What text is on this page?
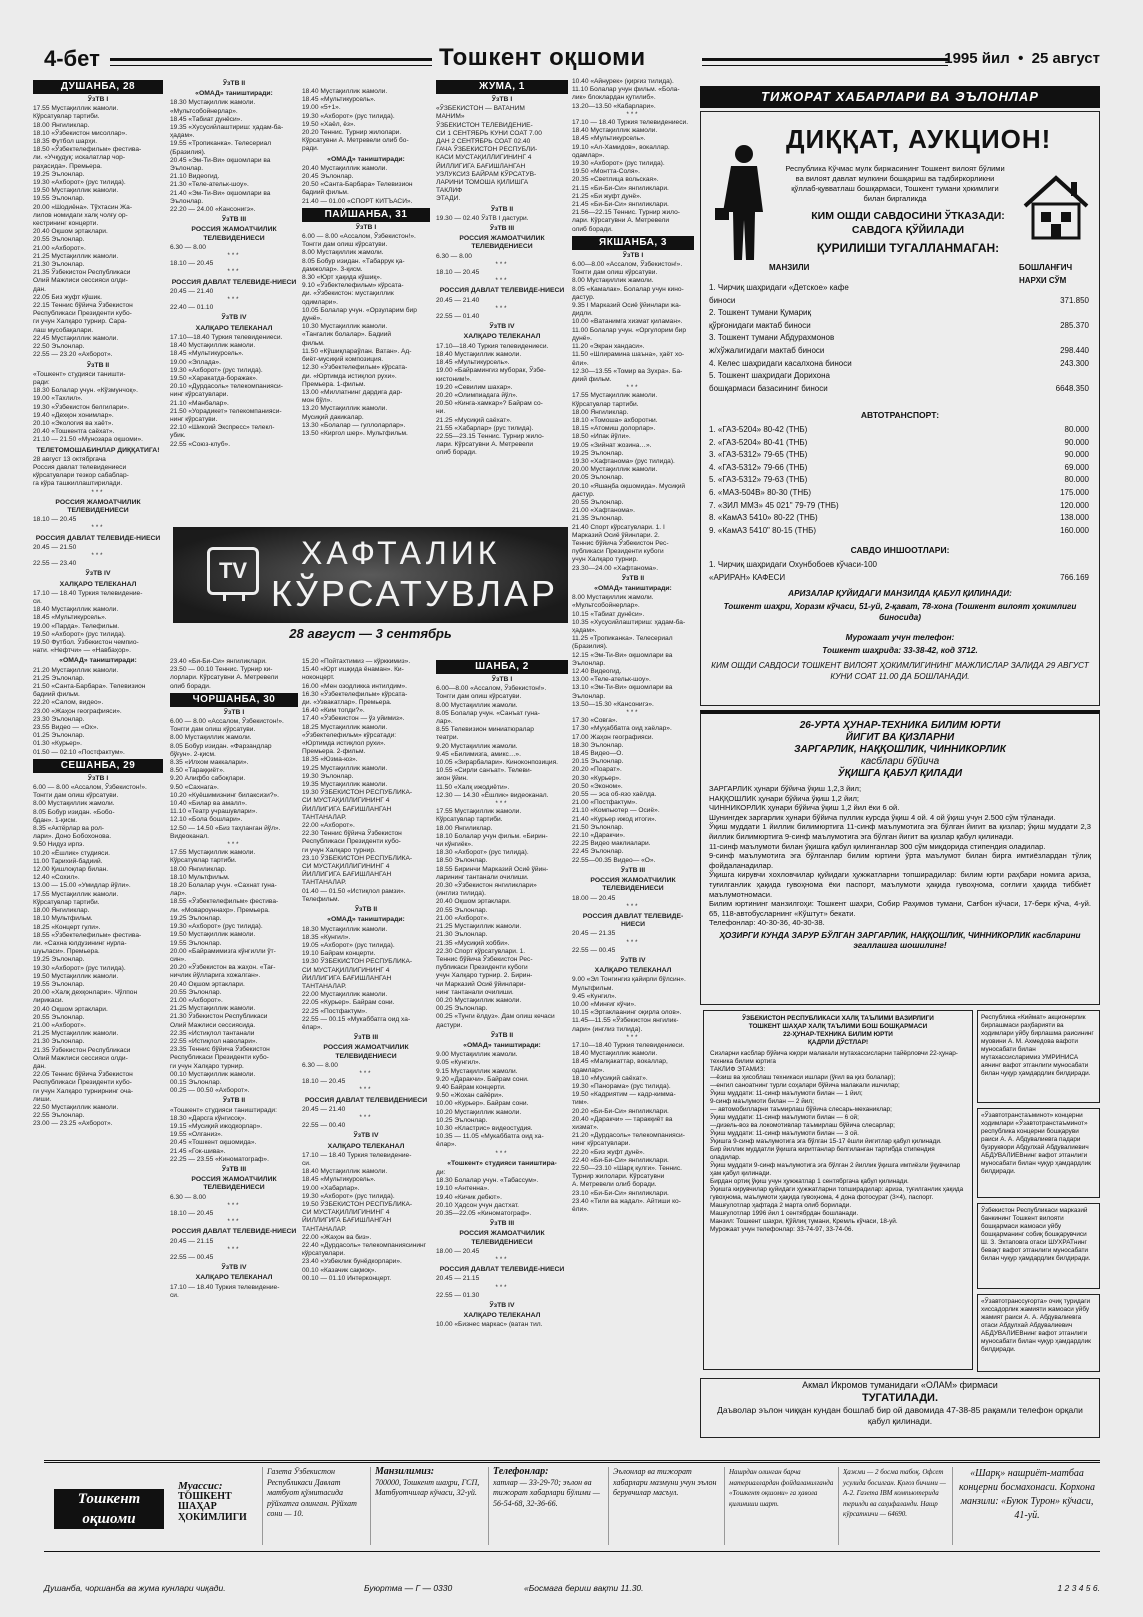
4-бет	Тошкент оқшоми	1995 йил  •  25 август
ДУШАНБА, 28
ЎзТВ I
17.55 Мустақиллик жамоли.
Кўрсатувлар тартиби.
18.00 Янгиликлар.
18.10 «Ўзбекистон мисоллар».
18.35 Футбол шарҳи.
18.50 «Ўзбектелефильм» фестива-
ли. «Учқудуқ: искалатлар чор-
раҳасида». Премьера.
19.25 Эълонлар.
19.30 «Ахборот» (рус тилида).
19.50 Мустақиллик жамоли.
19.55 Эълонлар.
20.00 «Шодиёна». Тўхтасин Жа-
лилов номидаги халқ чолғу ор-
кестрининг концерти.
20.40 Оқшом эртаклари.
20.55 Эълонлар.
21.00 «Ахборот».
21.25 Мустақиллик жамоли.
21.30 Эълонлар.
21.35 Ўзбекистон Республикаси
Олий Мажлиси сессияси олди-
дан.
22.05 Биз жуфт кўшик.
22.15 Теннис бўйича Ўзбекистон
Республикаси Президенти кубо-
ги учун Халқаро турнир. Сара-
лаш мусобақалари.
22.45 Мустақиллик жамоли.
22.50 Эълонлар.
22.55 — 23.20 «Ахборот».
ЎзТВ II
«Тошкент» студияси таништи-
ради:
18.30 Болалар учун. «Кўзмунчоқ».
19.00 «Тахлил».
19.30 «Ўзбекистон белгилари».
19.40 «Дехқон хонимлар».
20.10 «Экология ва хаёт».
20.40 «Тошкентга саёхат».
21.10 — 21.50 «Мунозара оқшоми».
ТЕЛЕТОМОШАБИНЛАР ДИҚҚАТИГА!
28 август 13 октябргача
Россия давлат телевидениеси
кўрсатувлари тезкор сабаблар-
га кўра ташкиллаштирилади.
***
РОССИЯ ЖАМОАТЧИЛИК ТЕЛЕВИДЕНИЕСИ
18.10 — 20.45
***
РОССИЯ ДАВЛАТ ТЕЛЕВИДЕ-НИЕСИ
20.45 — 21.50
***
22.55 — 23.40
ЎзТВ IV
ХАЛҚАРО ТЕЛЕКАНАЛ
17.10 — 18.40 Туркия телевидение-
си.
18.40 Мустақиллик жамоли.
18.45 «Мультикурсель».
19.00 «Парда». Телефильм.
19.50 «Ахборот» (рус тилида).
19.50 Футбол. Ўзбекистон чемпио-
нати. «Нефтчи» — «Навбаҳор».
«ОМАД» таништиради:
21.20 Мустақиллик жамоли.
21.25 Эълонлар.
21.50 «Санта-Барбара». Телевизион
бадиий фильм.
22.20 «Салом, видео».
23.00 «Жаҳон географияси».
23.30 Эълонлар.
23.55 Видео — «Ох».
01.25 Эълонлар.
01.30 «Курьер».
01.50 — 02.10 «Постфактум».
СЕШАНБА, 29
ЎзТВ I
6.00 — 8.00 «Ассалом, Ўзбекистон!».
Тонгги дам олиш кўрсатуви.
8.00 Мустақиллик жамоли.
8.05 Бобур изидан. «Бобо-
бдан». 1-қисм.
8.35 «Актёрлар ва рол-
лари». Доно Бобохонова.
9.50 Нидуз ирпэ.
10.20 «Ёшлик» студияси.
11.00 Тарихий-бадиий.
12.00 Қишлоқлар билан.
12.40 «Сохил».
13.00 — 15.00 «Умидлар йўли».
17.55 Мустақиллик жамоли.
Кўрсатувлар тартиби.
18.00 Янгиликлар.
18.10 Мультфильм.
18.25 «Концерт гули».
18.55 «Ўзбектелефильм» фестива-
ли. «Сахна юлдузининг нурла-
шуьласи». Премьера.
19.25 Эълонлар.
19.30 «Ахборот» (рус тилида).
19.50 Мустақиллик жамоли.
19.55 Эълонлар.
20.00 «Халқ дехқонлари». Чўлпон
лирикаси.
20.40 Оқшом эртаклари.
20.55 Эълонлар.
21.00 «Ахборот».
21.25 Мустақиллик жамоли.
21.30 Эълонлар.
21.35 Ўзбекистон Республикаси
Олий Мажлиси сессияси олди-
дан.
22.05 Теннис бўйича Ўзбекистон
Республикаси Президенти кубо-
ги учун Халқаро турнирнинг оча-
лиши.
22.50 Мустақиллик жамоли.
22.55 Эълонлар.
23.00 — 23.25 «Ахборот».
ЎзТВ II
«ОМАД» таништиради:
18.30 Мустақиллик жамоли.
«Мультсобойнерлар».
18.45 «Табиат дунёси».
19.35 «Хусусийлаштириш: ҳадам-ба-
ҳадам».
19.55 «Тропиканка». Телесериал
(Бразилия).
20.45 «Эм-Ти-Ви» оқшомлари ва
Эълонлар.
21.10 Видеогид.
21.30 «Теле-ательк-шоу».
21.40 «Эм-Ти-Ви» оқшомлари ва
Эълонлар.
22.20 — 24.00 «Кансонигэ».
ЎзТВ III
РОССИЯ ЖАМОАТЧИЛИК ТЕЛЕВИДЕНИЕСИ
6.30 — 8.00
***
18.10 — 20.45
***
РОССИЯ ДАВЛАТ ТЕЛЕВИДЕ-НИЕСИ
20.45 — 21.40
***
22.40 — 01.10
ЎзТВ IV
ХАЛҚАРО ТЕЛЕКАНАЛ
17.10—18.40 Туркия телевидениеси.
18.40 Мустақиллик жамоли.
18.45 «Мультикурсель».
19.00 «Эллада».
19.30 «Ахборот» (рус тилида).
19.50 «Харакатда-боражак».
20.10 «Дурдасоль» телекомпанияси-
нинг кўрсатувлари.
21.10 «Манбалар».
21.50 «Уорадикет» телекомпанияси-
нинг кўрсатуви.
22.10 «Шикоий Экспресс» телекл-
убик.
22.55 «Союз-клуб».
23.40 «Би-Би-Си» янгиликлари.
23.50 — 00.10 Теннис. Турнир ки-
лорлари. Кўрсатувни А. Метревели
олиб боради.
ЧОРШАНБА, 30
ЎзТВ I
6.00 — 8.00 «Ассалом, Ўзбекистон!».
Тонгги дам олиш кўрсатуви.
8.00 Мустақиллик жамоли.
8.05 Бобур изидан. «Фарзандлар
бўғун». 2-қисм.
8.35 «Илхом маккалари».
8.50 «Тараққиёт».
9.20 Алифбо сабоқлари.
9.50 «Сахнага».
10.20 «Куёшимизнинг билаксизи?».
10.40 «Билар ва амалл».
11.10 «Театр учрашувлари».
12.10 «Бола бошлари».
12.50 — 14.50 «Биз таҳланган йўл».
Видеоканал.
***
17.55 Мустақиллик жамоли.
Кўрсатувлар тартиби.
18.00 Янгиликлар.
18.10 Мультфильм.
18.20 Болалар учун. «Сахнат гуна-
лар».
18.55 «Ўзбектелефильм» фестива-
ли. «Мовароуннахр». Премьера.
19.25 Эълонлар.
19.30 «Ахборот» (рус тилида).
19.50 Мустақиллик жамоли.
19.55 Эълонлар.
20.00 «Байрамимизга кўнгилли ўт-
син».
20.20 «Ўзбекистон ва жаҳон. «Тағ-
ничлик йўлларига хожалган».
20.40 Оқшом эртаклари.
20.55 Эълонлар.
21.00 «Ахборот».
21.25 Мустақиллик жамоли.
21.30 Ўзбекистон Республикаси
Олий Мажлиси сессиясида.
22.35 «Истиқлол тантанали
22.55 «Истиқлол наволари».
23.35 Теннис бўйича Ўзбекистон
Республикаси Президенти кубо-
ги учун Халқаро турнир.
00.10 Мустақиллик жамоли.
00.15 Эълонлар.
00.25 — 00.50 «Ахборот».
ЎзТВ II
«Тошкент» студияси таништиради:
18.30 «Дарсга кўнгисоқ».
19.15 «Мусиқий ижодкорлар».
19.55 «Олганиз».
20.45 «Тошкент оқшомида».
21.45 «Гок-шива».
22.25 — 23.55 «Киноматограф».
ЎзТВ III
РОССИЯ ЖАМОАТЧИЛИК ТЕЛЕВИДЕНИЕСИ
6.30 — 8.00
***
18.10 — 20.45
***
РОССИЯ ДАВЛАТ ТЕЛЕВИДЕ-НИЕСИ
20.45 — 21.15
***
22.55 — 00.45
ЎзТВ IV
ХАЛҚАРО ТЕЛЕКАНАЛ
17.10 — 18.40 Туркия телевидение-
си.
18.40 Мустақиллик жамоли.
18.45 «Мультикурсель».
19.00 «5+1».
19.30 «Ахборот» (рус тилида).
19.50 «Хаёл, ёз».
20.20 Теннис. Турнир жилолари.
Кўрсатувни А. Метревели олиб бо-
ради.
«ОМАД» таништиради:
20.40 Мустақиллик жамоли.
20.45 Эълонлар.
20.50 «Санта-Барбара» Телевизион
бадиий фильм.
21.40 — 01.00 «СПОРТ КИТЪАСИ».
ПАЙШАНБА, 31
ЎзТВ I
6.00 — 8.00 «Ассалом, Ўзбекистон!».
Тонгги дам олиш кўрсатуви.
8.00 Мустақиллик жамоли.
8.05 Бобур изидан. «Табаррук қа-
дамжолар». 3-қисм.
8.30 «Юрт ҳақида кўшиқ».
9.10 «Ўзбектелефильм» кўрсата-
ди. «Ўзбекистон: мустақиллик
одимлари».
10.05 Болалар учун. «Орзуларим бир
дунё».
10.30 Мустақиллик жамоли.
«Тангалик болалар». Бадиий
фильм.
11.50 «Кўшиқлараўлан. Ватан». Ад-
биёт-мусиқий композиция.
12.30 «Ўзбектелефильм» кўрсата-
ди. «Юртимда истиқлол рухи».
Премьера. 1-фильм.
13.00 «Миллатнинг дардига дар-
мон бўл».
13.20 Мустақиллик жамоли.
Мусиқий дакикалар.
13.30 «Болалар — гуллоларлар».
13.50 «Киргол шер». Мультфильм.
15.20 «Пойтахтимиз — кўрккимиз».
15.40 «Юрт ишқида ёнаман». Ки-
ноконцерт.
16.00 «Мен озодликка интилдим».
16.30 «Ўзбектелефильм» кўрсата-
ди. «Узвакатлар». Премьера.
16.40 «Ким топди?».
17.40 «Ўзбекистон — ўз уйимиз».
18.25 Мустақиллик жамоли.
«Ўзбектелефильм» кўрсатади:
«Юртимда истиқлол рухи».
Премьера. 2-фильм.
18.35 «Юзма-юз».
19.25 Мустақиллик жамоли.
19.30 Эълонлар.
19.35 Мустақиллик жамоли.
19.30 ЎЗБЕКИСТОН РЕСПУБЛИКА-
СИ МУСТАҚИЛЛИГИНИНГ 4
ЙИЛЛИГИГА БАҒИШЛАНГАН
ТАНТАНАЛАР.
22.00 «Ахборот».
22.30 Теннис бўйича Ўзбекистон
Республикаси Президенти кубо-
ги учун Халқаро турнир.
23.10 ЎЗБЕКИСТОН РЕСПУБЛИКА-
СИ МУСТАҚИЛЛИГИНИНГ 4
ЙИЛЛИГИГА БАҒИШЛАНГАН
ТАНТАНАЛАР.
01.40 — 01.50 «Истиқлол рамзи».
Телефильм.
ЎзТВ II
«ОМАД» таништиради:
18.30 Мустақиллик жамоли.
18.35 «Кунгил».
19.05 «Ахборот» (рус тилида).
19.10 Байрам концерти.
19.30 ЎЗБЕКИСТОН РЕСПУБЛИКА-
СИ МУСТАҚИЛЛИГИНИНГ 4
ЙИЛЛИГИГА БАҒИШЛАНГАН
ТАНТАНАЛАР.
22.00 Мустақиллик жамоли.
22.05 «Курьер». Байрам сони.
22.25 «Постфактум».
22.55 — 00.15 «Мукаббатга оид ха-
ёлар».
ЎзТВ III
РОССИЯ ЖАМОАТЧИЛИК ТЕЛЕВИДЕНИЕСИ
6.30 — 8.00
***
18.10 — 20.45
***
РОССИЯ ДАВЛАТ ТЕЛЕВИДЕНИЕСИ
20.45 — 21.40
***
22.55 — 00.40
ЎзТВ IV
ХАЛҚАРО ТЕЛЕКАНАЛ
17.10 — 18.40 Туркия телевидение-
си.
18.40 Мустақиллик жамоли.
18.45 «Мультикурсель».
19.00 «Хабарлар».
19.30 «Ахборот» (рус тилида).
19.50 ЎЗБЕКИСТОН РЕСПУБЛИКА-
СИ МУСТАҚИЛЛИГИНИНГ 4
ЙИЛЛИГИГА БАҒИШЛАНГАН
ТАНТАНАЛАР.
22.00 «Жаҳон ва биз».
22.40 «Дурдасоль» телекомпаниясининг
кўрсатувлари.
23.40 «Узбеклик бунёдкорлари».
00.10 «Казачик сақмоқ».
00.10 — 01.10 Интерконцерт.
ЖУМА, 1
ЎзТВ I
«ЎЗБЕКИСТОН — ВАТАНИМ
МАНИМ»
ЎЗБЕКИСТОН ТЕЛЕВИДЕНИЕ-
СИ 1 СЕНТЯБРЬ КУНИ СОАТ 7.00
ДАН 2 СЕНТЯБРЬ СОАТ 02.40
ГАЧА ЎЗБЕКИСТОН РЕСПУБЛИ-
КАСИ МУСТАҚИЛЛИГИНИНГ 4
ЙИЛЛИГИГА БАҒИШЛАНГАН
УЗЛУКСИЗ БАЙРАМ КЎРСАТУВ-
ЛАРИНИ ТОМОША ҚИЛИШГА
ТАКЛИФ
ЭТАДИ.
ЎзТВ II
19.30 — 02.40 ЎзТВ I дастури.
ЎзТВ III
РОССИЯ ЖАМОАТЧИЛИК ТЕЛЕВИДЕНИЕСИ
6.30 — 8.00
***
18.10 — 20.45
***
РОССИЯ ДАВЛАТ ТЕЛЕВИДЕ-НИЕСИ
20.45 — 21.40
***
22.55 — 01.40
ЎзТВ IV
ХАЛҚАРО ТЕЛЕКАНАЛ
17.10—18.40 Туркия телевидениеси.
18.40 Мустақиллик жамоли.
18.45 «Мультикурсель».
19.00 «Байрамингиз муборак, Ўзбе-
кистоним!».
19.20 «Севилим шахар».
20.20 «Олимпиадага йўл».
20.50 «Кинга-хамкар»? Байрам со-
ни.
21.25 «Мусиқий саёхат».
21.55 «Хабарлар» (рус тилида).
22.55—23.15 Теннис. Турнир жило-
лари. Кўрсатувни А. Метревели
олиб боради.
ШАНБА, 2
ЎзТВ I
6.00—8.00 «Ассалом, Ўзбекистон!».
Тонгги дам олиш кўрсатуви.
8.00 Мустақиллик жамоли.
8.05 Болалар учун. «Санъат гуна-
лар».
8.55 Телевизион миниатюралар
театри.
9.20 Мустақиллик жамоли.
9.45 «Билимизга, амикс…».
10.05 «Зирарбалари». Киноконпозиция.
10.55 «Сирли санъат». Телеви-
зион ўйин.
11.50 «Халқ ижодиёти».
12.30 — 14.30 «Ёшлик» видеоканал.
***
17.55 Мустақиллик жамоли.
Кўрсатувлар тартиби.
18.00 Янгиликлар.
18.10 Болалар учун фильм. «Бирин-
чи кўнгиёк».
18.30 «Ахборот» (рус тилида).
18.50 Эълонлар.
18.55 Биринчи Марказий Осиё ўйин-
ларининг тантанали очилиши.
20.30 «Ўзбекистон янгиликлари»
(инглиз тилида).
20.40 Оқшом эртаклари.
20.55 Эълонлар.
21.00 «Ахборот».
21.25 Мустақиллик жамоли.
21.30 Эълонлар.
21.35 «Мусиқий хобби».
22.30 Спорт кўрсатувлари. 1.
Теннис бўйича Ўзбекистон Рес-
публикаси Президенти кубоги
учун Халқаро турнир. 2. Бирин-
чи Марказий Осиё ўйинлари-
нинг тантанали очилиши.
00.20 Мустақиллик жамоли.
00.25 Эълонлар.
00.25 «Тунги ёлдуз». Дам олиш кечаси
дастури.
ЎзТВ II
«ОМАД» таништиради:
9.00 Мустақиллик жамоли.
9.05 «Кунгил».
9.15 Мустақиллик жамоли.
9.20 «Даракчи». Байрам сони.
9.40 Байрам концерти.
9.50 «Жохан сайёри».
10.00 «Курьер». Байрам сони.
10.20 Мустақиллик жамоли.
10.25 Эълонлар.
10.30 «Кластрис» видеостудия.
10.35 — 11.05 «Мукаббатга оид ха-
ёлар».
***
«Тошкент» студияси таништира-
ди:
18.30 Болалар учун. «Табассум».
19.10 «Антенна».
19.40 «Кичик дебют».
20.10 Ҳадсон учун дастхат.
20.35—22.05 «Киноматограф».
ЎзТВ III
РОССИЯ ЖАМОАТЧИЛИК ТЕЛЕВИДЕНИЕСИ
18.00 — 20.45
***
РОССИЯ ДАВЛАТ ТЕЛЕВИДЕ-НИЕСИ
20.45 — 21.15
***
22.55 — 01.30
ЎзТВ IV
ХАЛҚАРО ТЕЛЕКАНАЛ
10.00 «Бизнес маркас» (ватан тил.
10.40 «Айнурек» (қирғиз тилида).
11.10 Болалар учун фильм. «Бола-
лик» блоклардан қутилиб».
13.20—13.50 «Кабарлари».
***
17.10 — 18.40 Туркия телевидениеси.
18.40 Мустақиллик жамоли.
18.45 «Мультикурсель».
19.10 «Ал-Хамидов», вокаллар.
одамлар».
19.30 «Ахборот» (рус тилида).
19.50 «Монтта-Соля».
20.35 «Светлица вольская».
21.15 «Би-Би-Си» янгиликлари.
21.25 «Би жуфт дунё».
21.45 «Би-Би-Си» янгиликлари.
21.56—22.15 Теннис. Турнир жило-
лари. Кўрсатувни А. Метревели
олиб боради.
ЯКШАНБА, 3
ЎзТВ I
6.00—8.00 «Ассалом, Ўзбекистон!».
Тонгги дам олиш кўрсатуви.
8.00 Мустақиллик жамоли.
8.05 «Камалак». Болалар учун кино-
дастур.
9.35 I Марказий Осиё ўйинлари жа-
дидли.
10.00 «Ватанимга хизмат қиламан».
11.00 Болалар учун. «Оргулорим бир
дунё».
11.20 «Экран хандаси».
11.50 «Шлирамина шаъна», ҳаёт хо-
ёли».
12.30—13.55 «Томир ва Зухра». Ба-
диий фильм.
***
17.55 Мустақиллик жамоли.
Кўрсатувлар тартиби.
18.00 Янгиликлар.
18.10 «Томоша» ахборотни.
18.15 «Атомиш долорлар».
18.50 «Ипак йўли».
19.05 «Зийнат жозина…».
19.25 Эълонлар.
19.30 «Хафтанома» (рус тилида).
20.00 Мустақиллик жамоли.
20.05 Эълонлар.
20.10 «Яшаңба оқшомида». Мусиқий
дастур.
20.55 Эълонлар.
21.00 «Хафтанома».
21.35 Эълонлар.
21.40 Спорт кўрсатувлари. 1. I
Марказий Осиё ўйинлари. 2.
Теннис бўйича Ўзбекистон Рес-
публикаси Президенти кубоги
учун Халқаро турнир.
23.30—24.00 «Хафтанома».
ЎзТВ II
«ОМАД» таништиради:
8.00 Мустақиллик жамоли.
«Мультсобойнерлар».
10.15 «Табиат дунёси».
10.35 «Хусусийлаштириш: ҳадам-ба-
ҳадам».
11.25 «Тропиканка». Телесериал
(Бразилия).
12.15 «Эм-Ти-Ви» оқшомлари ва
Эълонлар.
12.40 Видеогид.
13.00 «Теле-ательк-шоу».
13.10 «Эм-Ти-Ви» оқшомлари ва
Эълонлар.
13.50—15.30 «Кансонигэ».
***
17.30 «Совга».
17.30 «Муҳаббатга оид хаёлар».
17.00 Жаҳон географияси.
18.30 Эълонлар.
18.45 Видео—О.
20.15 Эълонлар.
20.20 «Поарат».
20.30 «Курьер».
20.50 «Эконом».
20.55 — эса об-язо хаёлда.
21.00 «Постфактум».
21.10 «Компьютер — Осиё».
21.40 «Курьер ижод итоги».
21.50 Эълонлар.
22.10 «Даракчи».
22.25 Видео маклиалари.
22.45 Эълонлар.
22.55—00.35 Видео— «О».
ЎзТВ III
РОССИЯ ЖАМОАТЧИЛИК ТЕЛЕВИДЕНИЕСИ
18.00 — 20.45
***
РОССИЯ ДАВЛАТ ТЕЛЕВИДЕ-НИЕСИ
20.45 — 21.35
***
22.55 — 00.45
ЎзТВ IV
ХАЛҚАРО ТЕЛЕКАНАЛ
9.00 «Эл Тонгингиз қайирли бўлсин».
Мультфильм.
9.45 «Кунгил».
10.00 «Минғиг кўчи».
10.15 «Эртаклаанинг оқирла олов».
11.45—11.55 «Ўзбекистон янгилик-
лари» (инглиз тилида).
***
17.10—18.40 Туркия телевидениеси.
18.40 Мустақиллик жамоли.
18.45 «Малқакаттар, вокаллар,
одамлар».
18.10 «Мусиқий саёхат».
19.30 «Панорама» (рус тилида).
19.50 «Кадриятим — кадр-кимма-
тим».
20.20 «Би-Би-Си» янгиликлари.
20.40 «Даракчи» — таракқиёт ва
хизмат».
21.20 «Дурдасоль» телекомпанияси-
нинг кўрсатувлари.
22.20 «Биз жуфт дунё».
22.40 «Би-Би-Си» янгиликлари.
22.50—23.10 «Шарқ кулги». Теннис.
Турнир жилолари. Кўрсатувни
А. Метревели олиб боради.
23.10 «Би-Би-Си» янгиликлари.
23.40 «Тили ва жадал». Айтиши ко-
ёли».
TV	ХАФТАЛИК
КЎРСАТУВЛАР
28 август — 3 сентябрь
ТИЖОРАТ ХАБАРЛАРИ ВА ЭЪЛОНЛАР
ДИҚҚАТ, АУКЦИОН!
Республика Кўчмас мулк биржасининг Тошкент вилоят бўлими ва вилоят давлат мулкини бошқариш ва тадбиркорликни қўллаб-қувватлаш бошқармаси, Тошкент тумани ҳокимлиги билан биргаликда
КИМ ОШДИ САВДОСИНИ ЎТКАЗАДИ:
САВДОГА ҚЎЙИЛАДИ
ҚУРИЛИШИ ТУГАЛЛАНМАГАН:
МАНЗИЛИ	БОШЛАНҒИЧ НАРХИ СЎМ
1. Чирчиқ шаҳридаги «Детское» кафе	
биноси	371.850
2. Тошкент тумани Қумариқ	
қўрғонидаги мактаб биноси	285.370
3. Тошкент тумани Абдурахмонов	
ж/хўжалигидаги мактаб биноси	298.440
4. Келес шаҳридаги касалхона биноси	243.300
5. Тошкент шаҳридаги Дорихона	
бошқармаси базасининг биноси	6648.350
АВТОТРАНСПОРТ:
1. «ГАЗ-5204» 80-42 (ТНБ)	80.000
2. «ГАЗ-5204» 80-41 (ТНБ)	90.000
3. «ГАЗ-5312» 79-65 (ТНБ)	90.000
4. «ГАЗ-5312» 79-66 (ТНБ)	69.000
5. «ГАЗ-5312» 79-63 (ТНБ)	80.000
6. «МАЗ-504В» 80-30 (ТНБ)	175.000
7. «ЗИЛ ММЗ» 45 021" 79-79 (ТНБ)	120.000
8. «КамАЗ 5410» 80-22 (ТНБ)	138.000
9. «КамАЗ 5410" 80-15 (ТНБ)	160.000
САВДО ИНШООТЛАРИ:
1. Чирчиқ шаҳридаги Охунбобоев кўчаси-100	
«АРИРАН» КАФЕСИ	766.169
АРИЗАЛАР ҚУЙИДАГИ МАНЗИЛДА ҚАБУЛ ҚИЛИНАДИ:
Тошкент шаҳри, Хоразм кўчаси, 51-уй, 2-қават, 78-хона (Тошкент вилоят ҳокимлиги биносида)
Мурожаат учун телефон:
Тошкент шаҳрида: 33-38-42, код 3712.
КИМ ОШДИ САВДОСИ ТОШКЕНТ ВИЛОЯТ ҲОКИМЛИГИНИНГ МАЖЛИСЛАР ЗАЛИДА 29 АВГУСТ КУНИ СОАТ 11.00 ДА БОШЛАНАДИ.
26-УРТА ҲУНАР-ТЕХНИКА БИЛИМ ЮРТИ
ЙИГИТ ВА ҚИЗЛАРНИ
ЗАРГАРЛИК, НАҚҚОШЛИК, ЧИННИКОРЛИК
касблари бўйича
ЎҚИШГА ҚАБУЛ ҚИЛАДИ
ЗАРГАРЛИК ҳунари бўйича ўқиш 1,2,3 йил;
НАҚҚОШЛИК ҳунари бўйича ўқиш 1,2 йил;
ЧИННИКОРЛИК ҳунари бўйича ўқиш 1,2 йил ёки 6 ой.
Шунингдек заргарлик ҳунари бўйича пуллик курсда ўқиш 4 ой. 4 ой ўқиш учун 2.500 сўм тўланади.
Ўқиш муддати 1 йиллик билимюртига 11-синф маълумотига эга бўлган йигит ва қизлар; ўқиш муддати 2,3 йиллик билимюртига 9-синф маълумотига эга бўлган йигит ва қизлар қабул қилинади.
11-синф маълумоти билан ўқишга қабул қилинганлар 300 сўм миқдорида стипендия оладилар.
9-синф маълумотига эга бўлганлар билим юртини ўрта маълумот билан бирга имтиёзлардан тўлиқ фойдаланадилар.
Ўқишга кирувчи хохловчилар қуйидаги ҳужжатларни топширадилар: билим юрти раҳбари номига ариза, туғилганлик ҳақида гувоҳнома ёки паспорт, маълумоти ҳақида гувоҳнома, соғлиги ҳақида тиббиёт маълумотномаси.
Билим юртининг манзилгоҳи: Тошкент шаҳри, Собир Раҳимов тумани, Сағбон кўчаси, 17-берк кўча, 4-уй. 65, 118-автобусларнинг «Кўштут» бекати.
Телефонлар: 40-30-36, 40-30-38.
ҲОЗИРГИ КУНДА ЗАРУР БЎЛГАН ЗАРГАРЛИК, НАҚҚОШЛИК, ЧИННИКОРЛИК касбларини эгаллашга шошилинг!
ЎЗБЕКИСТОН РЕСПУБЛИКАСИ ХАЛҚ ТАЪЛИМИ ВАЗИРЛИГИ
ТОШКЕНТ ШАҲАР ХАЛҚ ТАЪЛИМИ БОШ БОШҚАРМАСИ
22-ҲУНАР-ТЕХНИКА БИЛИМ ЮРТИ
ҚАДРЛИ ДЎСТЛАР!
Сизларни касблар бўйича юқори малакали мутахассисларни тайёрловчи 22-ҳунар-техника билим юртига
ТАКЛИФ ЭТАМИЗ:
—ёзиш ва ҳисоблаш техникаси ишлари (ўғил ва қиз болалар);
—енгил саноатнинг турли соҳалари бўйича малакали ишчилар;
Ўқиш муддати: 11-синф маълумоти билан — 1 йил;
9-синф маълумоти билан — 2 йил;
— автомобилларни таъмирлаш бўйича слесарь-механиклар;
Ўқиш муддати: 11-синф маълумоти билан — 6 ой;
—дизель-воз ва локомотивлар таъмирлаш бўйича слесарлар;
Ўқиш муддати: 11-синф маълумоти билан — 3 ой.
Ўқишга 9-синф маълумотига эга бўлган 15-17 ёшли йигитлар қабул қилинади.
Бир йиллик муддатли ўқишга киритганлар белгиланган тартибда стипендия оладилар.
Ўқиш муддати 9-синф маълумотига эга бўлган 2 йиллик ўқишга имтиёзли ўқувчилар ҳам қабул қилинади.
Бирдан ортиқ ўқиш учун ҳужжатлар 1 сентябргача қабул қилинади.
Ўқишга кирувчилар қуйидаги ҳужжатларни топширадилар: ариза, туғилганлик ҳақида гувоҳнома, маълумоти ҳақида гувоҳнома, 4 дона фотосурат (3×4), паспорт.
Машғулотлар ҳафтада 2 марта олиб борилади.
Машғулотлар 1996 йил 1 сентябрдан бошланади.
Манзил: Тошкент шаҳри, Қўйлиқ тумани, Кремль кўчаси, 18-уй.
Мурожаат учун телефонлар: 33-74-97, 33-74-06.
Республика «Киймат» акционерлик бирлашмаси раҳбарияти ва ходимлари уйбу бирлашма раисининг муовини А. М. Ахмедова вафоти муносабати билан мутахассисларимиз УМРИНИСА аянинг вафот этганлиги муносабати билан чуқур ҳамдардлик билдиради.
«Ўзавтотранстаъминот» концерни ходимлари «Ўзавтотранстаъминот» республика концерни бошқаруви раиси А. А. Абдувалиевга падари бузруквори Абдулхай Абдувалиевич АБДУВАЛИЕВнинг вафот этганлиги муносабати билан чуқур ҳамдардлик билдиради.
Ўзбекистон Республикаси марказий банкининг Тошкент вилояти бошқармаси жамоаси уйбу бошқарманинг собиқ бошқарувчиси Ш. З. Эхтаповга отаси ШУХРАТнинг бевақт вафот этганлиги муносабати билан чуқур ҳамдардлик билдиради.
«Ўзавтотранссуғорта» очиқ туридаги хиссадорлик жамияти жамоаси уйбу жамият раиси А. А. Абдувалиевга отаси Абдулхай Абдувалиевич АБДУВАЛИЕВнинг вафот этганлиги муносабати билан чуқур ҳамдардлик билдиради.
Акмал Икромов туманидаги «ОЛАМ» фирмаси
ТУГАТИЛАДИ.
Даъволар эълон чиққан кундан бошлаб бир ой давомида 47-38-85 рақамли телефон орқали қабул қилинади.
Тошкент
оқшоми
Муассис:
ТОШКЕНТ ШАҲАР ҲОКИМЛИГИ
Газета Ўзбекистон Республикаси Давлат матбуот қўмитасида рўйхатга олинган. Рўйхат сони — 10.
Манзилимиз:
700000, Тошкент шаҳри, ГСП, Матбуотчилар кўчаси, 32-уй.
Телефонлар:
хатлар — 33-29-70; эълон ва тижорат хабарлари бўлими — 56-54-68, 32-36-66.
Эълонлар ва тижорат хабарлари мазмуни учун эълон берувчилар масъул.
Нашрдан олинган барча материаллардан фойдаланилганда «Тошкент оқшоми» га ҳавола қилиниши шарт.
Ҳажми — 2 босма табоқ. Офсет усулида босилган. Қоғоз бичими — А-2. Газета IBM компьютерида терилди ва саҳифаланди. Нашр кўрсаткичи — 64690.
«Шарқ» нашриёт-матбаа концерни босмахонаси. Корхона манзили: «Буюк Турон» кўчаси, 41-уй.
Душанба, чоршанба ва жума кунлари чиқади.	Буюртма — Г — 0330	«Босмага бериш вақти 11.30.	1 2 3 4 5 6.
